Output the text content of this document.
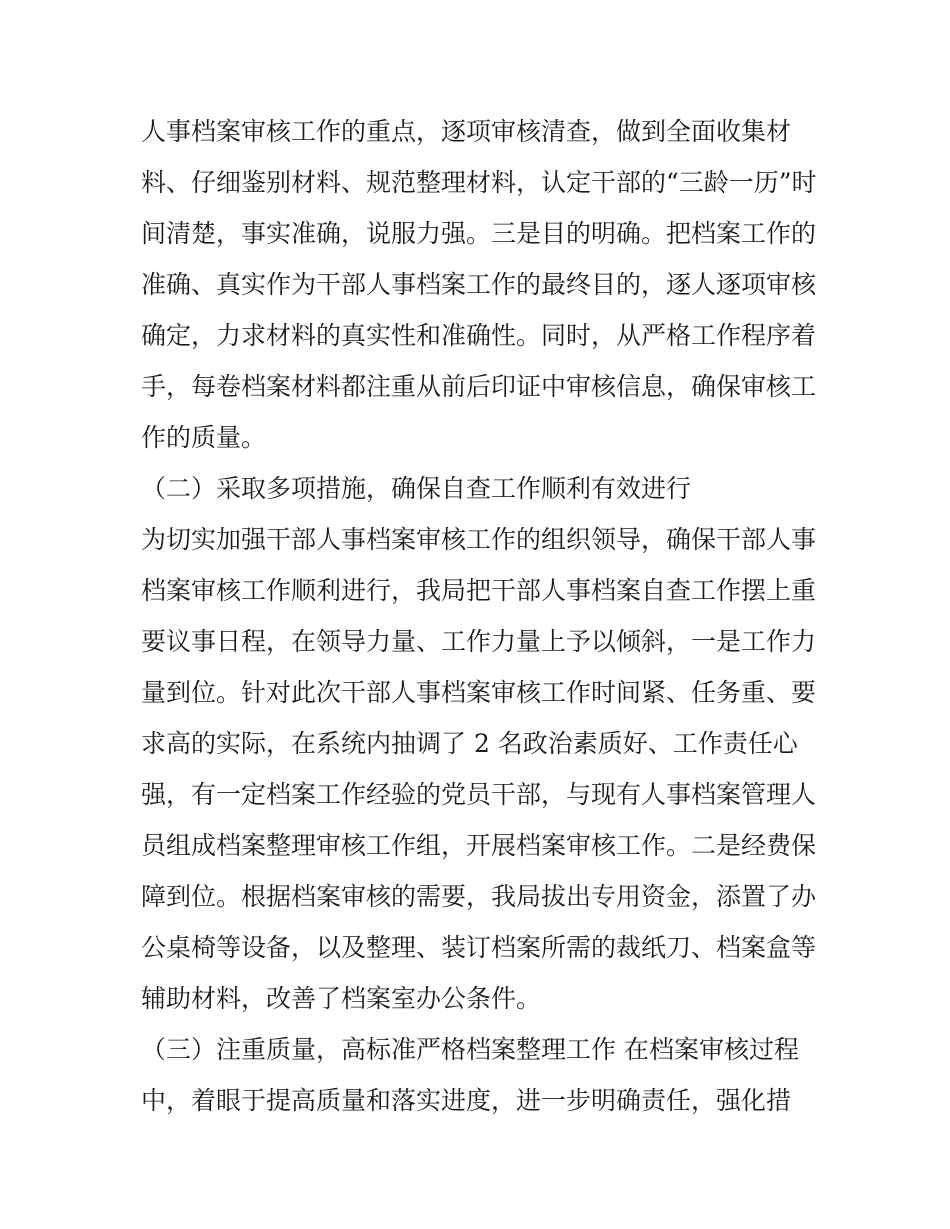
人事档案审核工作的重点，逐项审核清查，做到全面收集材
料、仔细鉴别材料、规范整理材料，认定干部的“三龄一历”时
间清楚，事实准确，说服力强。三是目的明确。把档案工作的
准确、真实作为干部人事档案工作的最终目的，逐人逐项审核
确定，力求材料的真实性和准确性。同时，从严格工作程序着
手，每卷档案材料都注重从前后印证中审核信息，确保审核工
作的质量。
（二）采取多项措施，确保自查工作顺利有效进行
为切实加强干部人事档案审核工作的组织领导，确保干部人事
档案审核工作顺利进行，我局把干部人事档案自查工作摆上重
要议事日程，在领导力量、工作力量上予以倾斜，一是工作力
量到位。针对此次干部人事档案审核工作时间紧、任务重、要
求高的实际，在系统内抽调了 2 名政治素质好、工作责任心
强，有一定档案工作经验的党员干部，与现有人事档案管理人
员组成档案整理审核工作组，开展档案审核工作。二是经费保
障到位。根据档案审核的需要，我局拔出专用资金，添置了办
公桌椅等设备，以及整理、装订档案所需的裁纸刀、档案盒等
辅助材料，改善了档案室办公条件。
（三）注重质量，高标准严格档案整理工作 在档案审核过程
中，着眼于提高质量和落实进度，进一步明确责任，强化措
